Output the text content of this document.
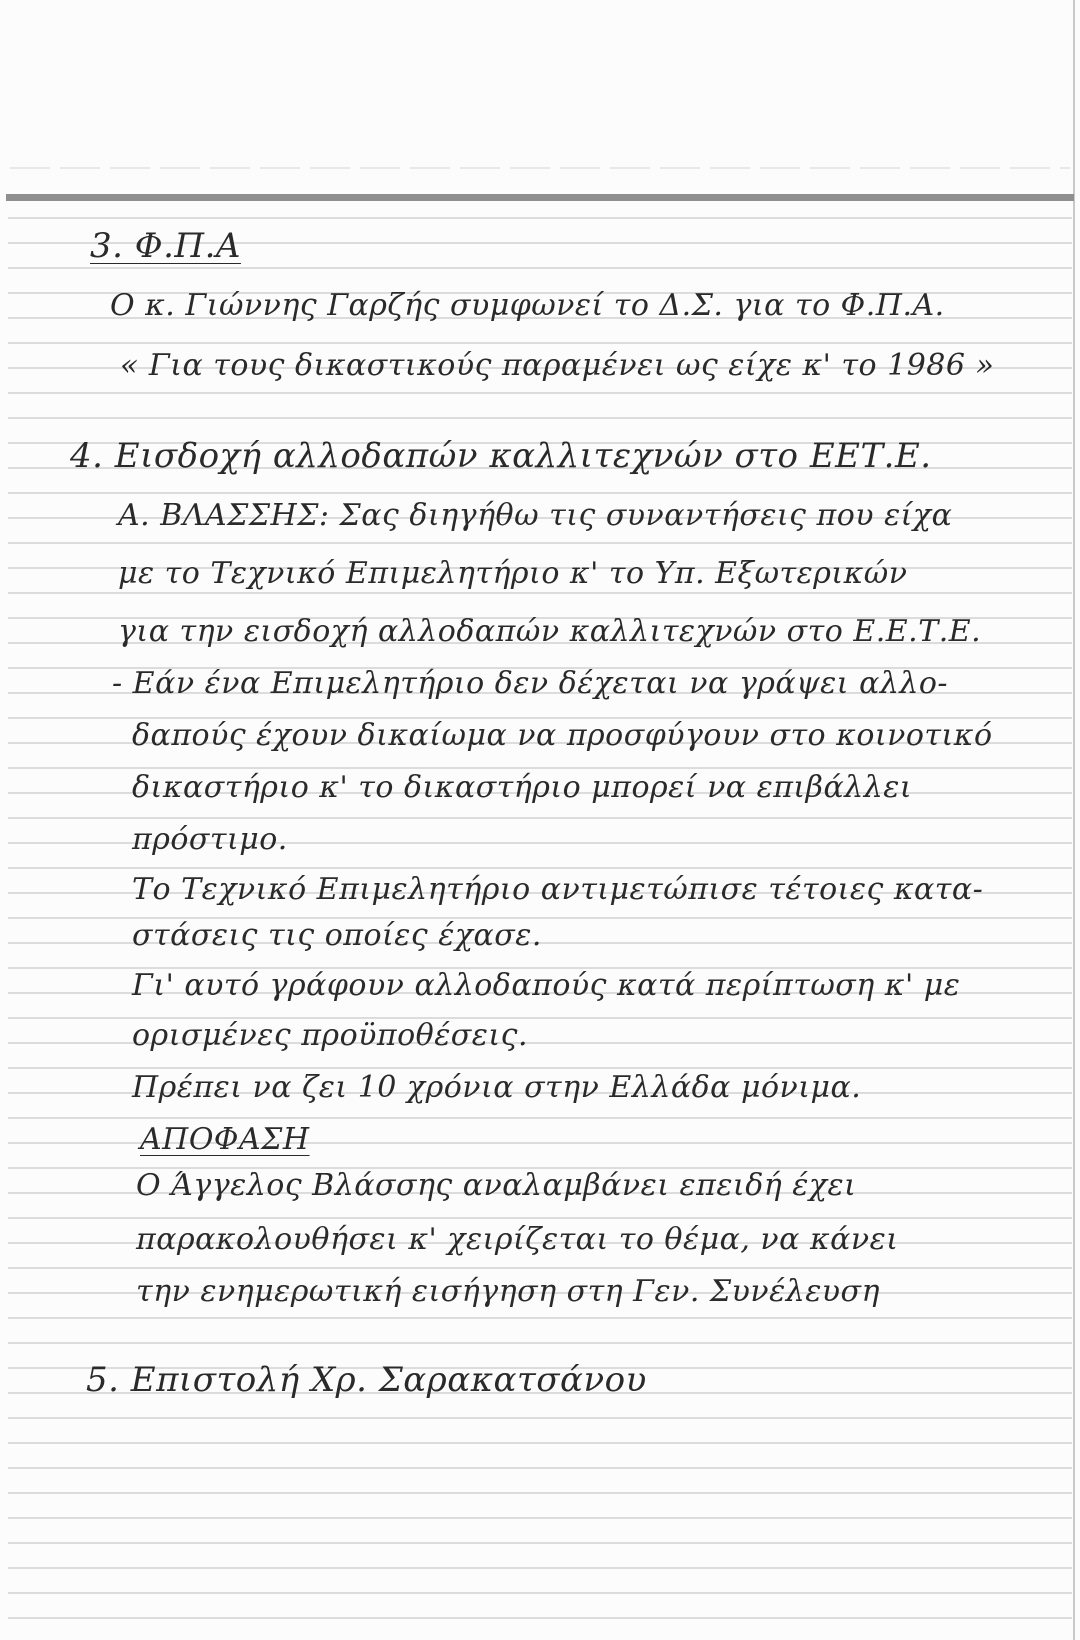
3. Φ.Π.Α
Ο κ. Γιώννης Γαρζής συμφωνεί το Δ.Σ. για το Φ.Π.Α.
« Για τους δικαστικούς παραμένει ως είχε κ' το 1986 »
4. Εισδοχή αλλοδαπών καλλιτεχνών στο ΕΕΤ.Ε.
Α. ΒΛΑΣΣΗΣ: Σας διηγήθω τις συναντήσεις που είχα
με το Τεχνικό Επιμελητήριο κ' το Υπ. Εξωτερικών
για την εισδοχή αλλοδαπών καλλιτεχνών στο Ε.Ε.Τ.Ε.
- Εάν ένα Επιμελητήριο δεν δέχεται να γράψει αλλο-
δαπούς έχουν δικαίωμα να προσφύγουν στο κοινοτικό
δικαστήριο κ' το δικαστήριο μπορεί να επιβάλλει
πρόστιμο.
Το Τεχνικό Επιμελητήριο αντιμετώπισε τέτοιες κατα-
στάσεις τις οποίες έχασε.
Γι' αυτό γράφουν αλλοδαπούς κατά περίπτωση κ' με
ορισμένες προϋποθέσεις.
Πρέπει να ζει 10 χρόνια στην Ελλάδα μόνιμα.
ΑΠΟΦΑΣΗ
Ο Άγγελος Βλάσσης αναλαμβάνει επειδή έχει
παρακολουθήσει κ' χειρίζεται το θέμα, να κάνει
την ενημερωτική εισήγηση στη Γεν. Συνέλευση
5. Επιστολή Χρ. Σαρακατσάνου
